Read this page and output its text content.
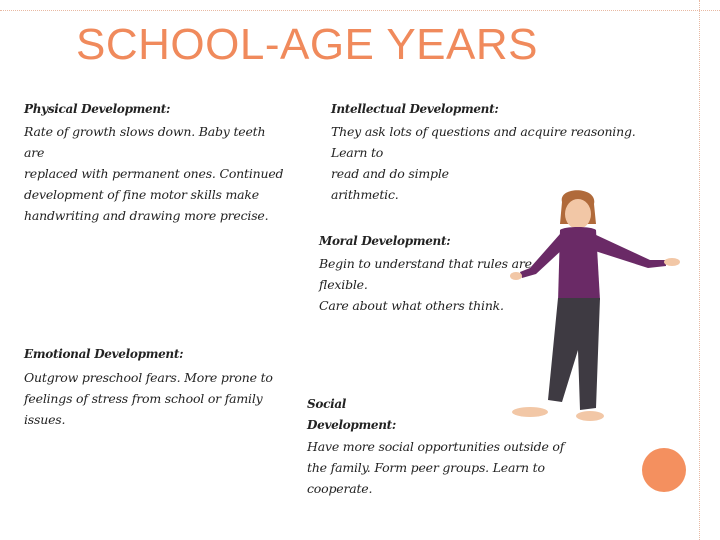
SCHOOL-AGE YEARS
Physical Development:
Rate of growth slows down. Baby teeth are
replaced with permanent ones. Continued
development of fine motor skills make
handwriting and drawing more precise.
Intellectual Development:
They ask lots of questions and acquire reasoning. Learn to
read and do simple
arithmetic.
Moral Development:
Begin to understand that rules are flexible.
Care about what others think.
Emotional Development:
Outgrow preschool fears. More prone to
feelings of stress from school or family issues.
Social
Development:
Have more social opportunities outside of
the family. Form peer groups. Learn to cooperate.
